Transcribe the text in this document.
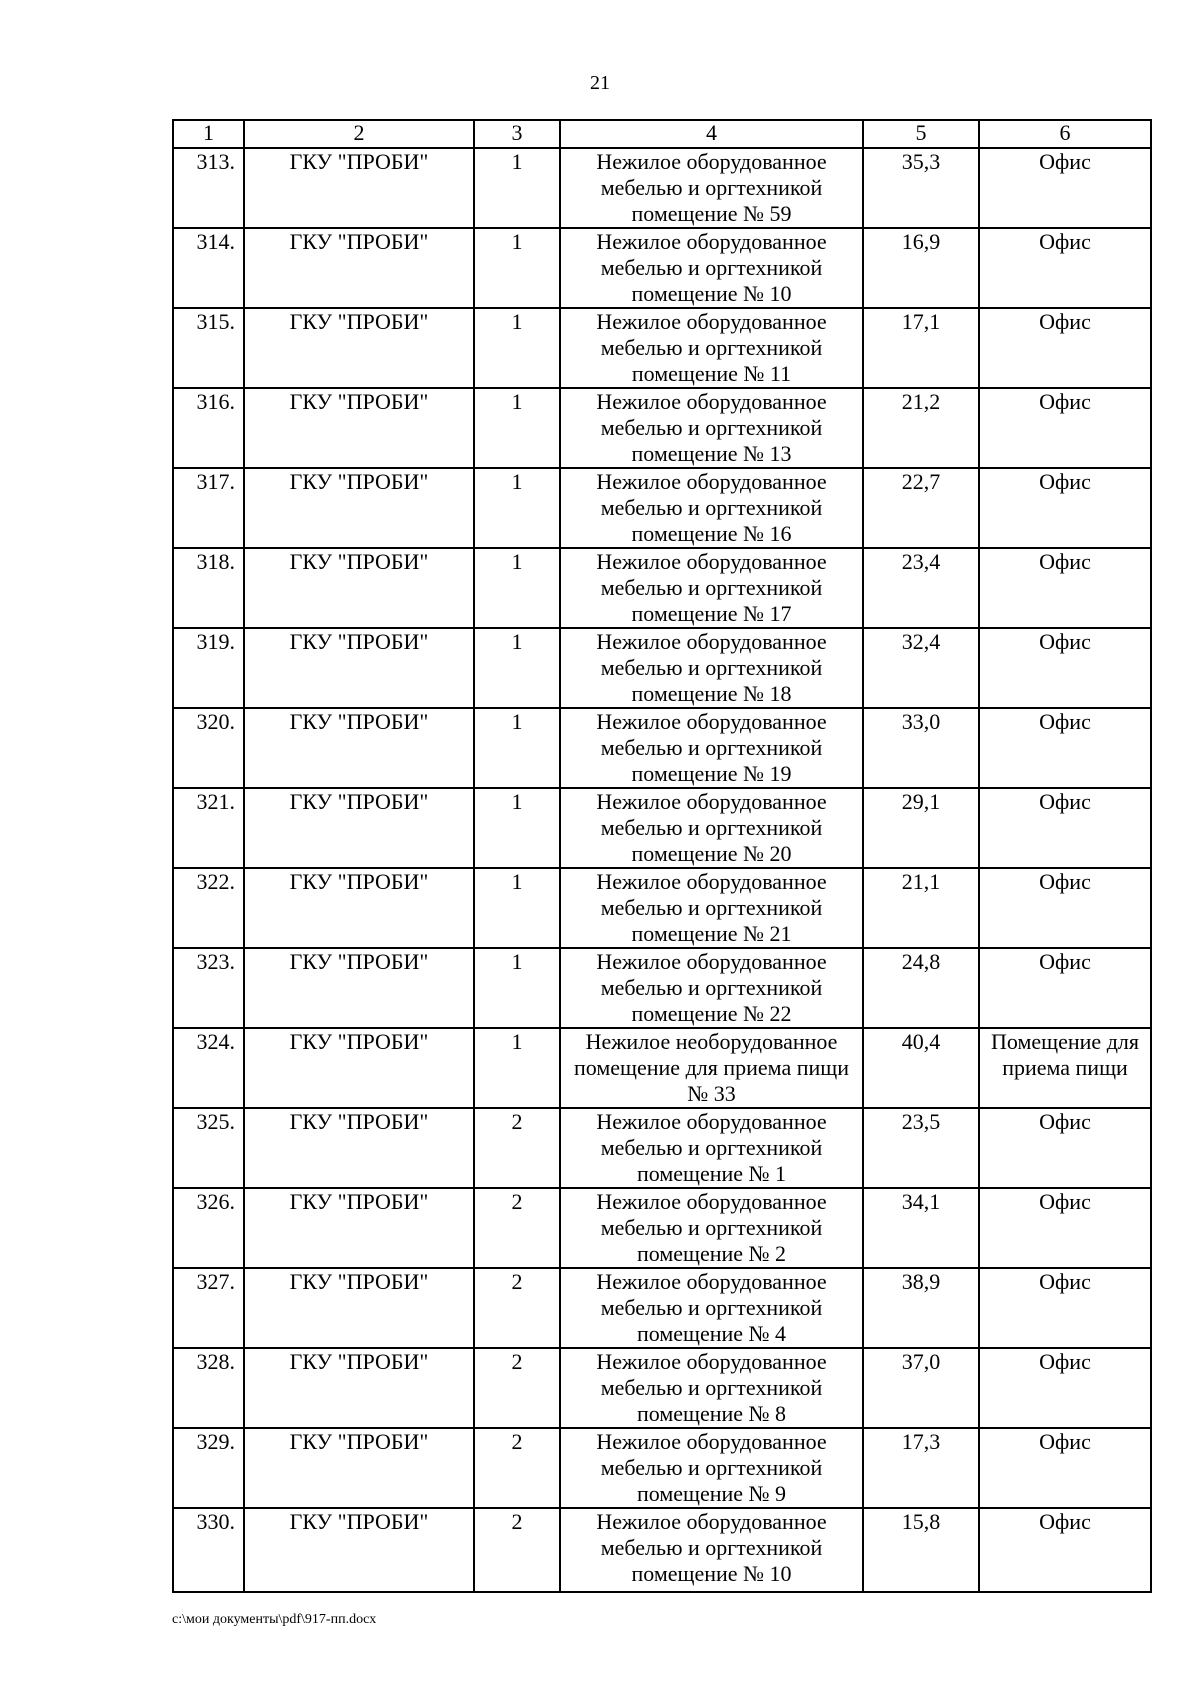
21
1	2	3	4	5	6
313.	ГКУ "ПРОБИ"	1	Нежилое оборудованное мебелью и оргтехникой помещение № 59	35,3	Офис
314.	ГКУ "ПРОБИ"	1	Нежилое оборудованное мебелью и оргтехникой помещение № 10	16,9	Офис
315.	ГКУ "ПРОБИ"	1	Нежилое оборудованное мебелью и оргтехникой помещение № 11	17,1	Офис
316.	ГКУ "ПРОБИ"	1	Нежилое оборудованное мебелью и оргтехникой помещение № 13	21,2	Офис
317.	ГКУ "ПРОБИ"	1	Нежилое оборудованное мебелью и оргтехникой помещение № 16	22,7	Офис
318.	ГКУ "ПРОБИ"	1	Нежилое оборудованное мебелью и оргтехникой помещение № 17	23,4	Офис
319.	ГКУ "ПРОБИ"	1	Нежилое оборудованное мебелью и оргтехникой помещение № 18	32,4	Офис
320.	ГКУ "ПРОБИ"	1	Нежилое оборудованное мебелью и оргтехникой помещение № 19	33,0	Офис
321.	ГКУ "ПРОБИ"	1	Нежилое оборудованное мебелью и оргтехникой помещение № 20	29,1	Офис
322.	ГКУ "ПРОБИ"	1	Нежилое оборудованное мебелью и оргтехникой помещение № 21	21,1	Офис
323.	ГКУ "ПРОБИ"	1	Нежилое оборудованное мебелью и оргтехникой помещение № 22	24,8	Офис
324.	ГКУ "ПРОБИ"	1	Нежилое необорудованное помещение для приема пищи № 33	40,4	Помещение для приема пищи
325.	ГКУ "ПРОБИ"	2	Нежилое оборудованное мебелью и оргтехникой помещение № 1	23,5	Офис
326.	ГКУ "ПРОБИ"	2	Нежилое оборудованное мебелью и оргтехникой помещение № 2	34,1	Офис
327.	ГКУ "ПРОБИ"	2	Нежилое оборудованное мебелью и оргтехникой помещение № 4	38,9	Офис
328.	ГКУ "ПРОБИ"	2	Нежилое оборудованное мебелью и оргтехникой помещение № 8	37,0	Офис
329.	ГКУ "ПРОБИ"	2	Нежилое оборудованное мебелью и оргтехникой помещение № 9	17,3	Офис
330.	ГКУ "ПРОБИ"	2	Нежилое оборудованное мебелью и оргтехникой помещение № 10	15,8	Офис
c:\мои документы\pdf\917-пп.docx
